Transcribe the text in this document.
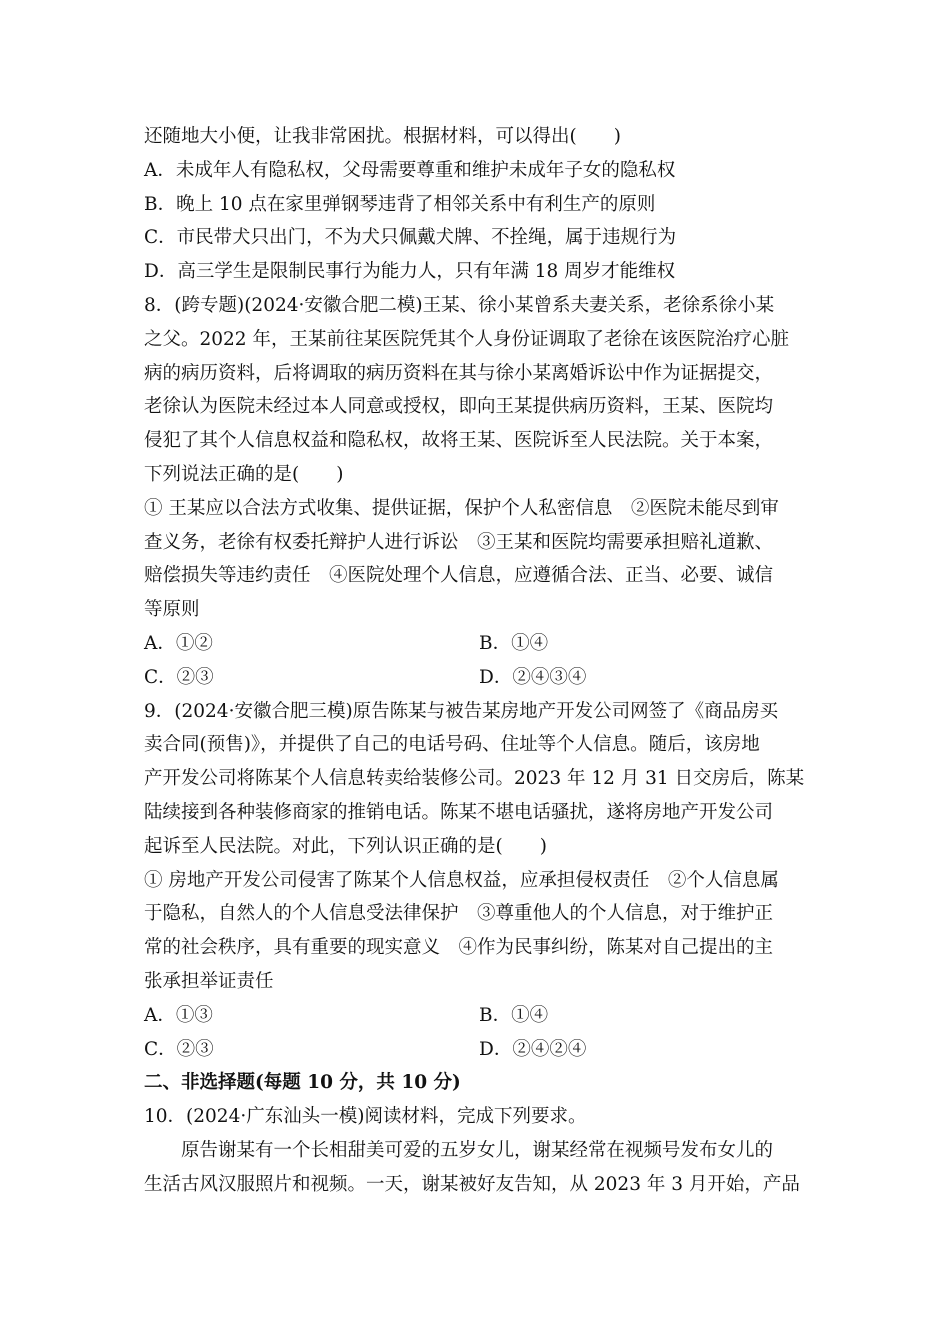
还随地大小便，让我非常困扰。根据材料，可以得出(　　)
A．未成年人有隐私权，父母需要尊重和维护未成年子女的隐私权
B．晚上 10 点在家里弹钢琴违背了相邻关系中有利生产的原则
C．市民带犬只出门，不为犬只佩戴犬牌、不拴绳，属于违规行为
D．高三学生是限制民事行为能力人，只有年满 18 周岁才能维权
8．(跨专题)(2024·安徽合肥二模)王某、徐小某曾系夫妻关系，老徐系徐小某
之父。2022 年，王某前往某医院凭其个人身份证调取了老徐在该医院治疗心脏
病的病历资料，后将调取的病历资料在其与徐小某离婚诉讼中作为证据提交，
老徐认为医院未经过本人同意或授权，即向王某提供病历资料，王某、医院均
侵犯了其个人信息权益和隐私权，故将王某、医院诉至人民法院。关于本案，
下列说法正确的是(　　)
① 王某应以合法方式收集、提供证据，保护个人私密信息　②医院未能尽到审
查义务，老徐有权委托辩护人进行诉讼　③王某和医院均需要承担赔礼道歉、
赔偿损失等违约责任　④医院处理个人信息，应遵循合法、正当、必要、诚信
等原则
A．①②	B．①④
C．②③	D．②④③④
9．(2024·安徽合肥三模)原告陈某与被告某房地产开发公司网签了《商品房买
卖合同(预售)》，并提供了自己的电话号码、住址等个人信息。随后，该房地
产开发公司将陈某个人信息转卖给装修公司。2023 年 12 月 31 日交房后，陈某
陆续接到各种装修商家的推销电话。陈某不堪电话骚扰，遂将房地产开发公司
起诉至人民法院。对此，下列认识正确的是(　　)
① 房地产开发公司侵害了陈某个人信息权益，应承担侵权责任　②个人信息属
于隐私，自然人的个人信息受法律保护　③尊重他人的个人信息，对于维护正
常的社会秩序，具有重要的现实意义　④作为民事纠纷，陈某对自己提出的主
张承担举证责任
A．①③	B．①④
C．②③	D．②④②④
二、非选择题(每题 10 分，共 10 分)
10．(2024·广东汕头一模)阅读材料，完成下列要求。
原告谢某有一个长相甜美可爱的五岁女儿，谢某经常在视频号发布女儿的
生活古风汉服照片和视频。一天，谢某被好友告知，从 2023 年 3 月开始，产品
